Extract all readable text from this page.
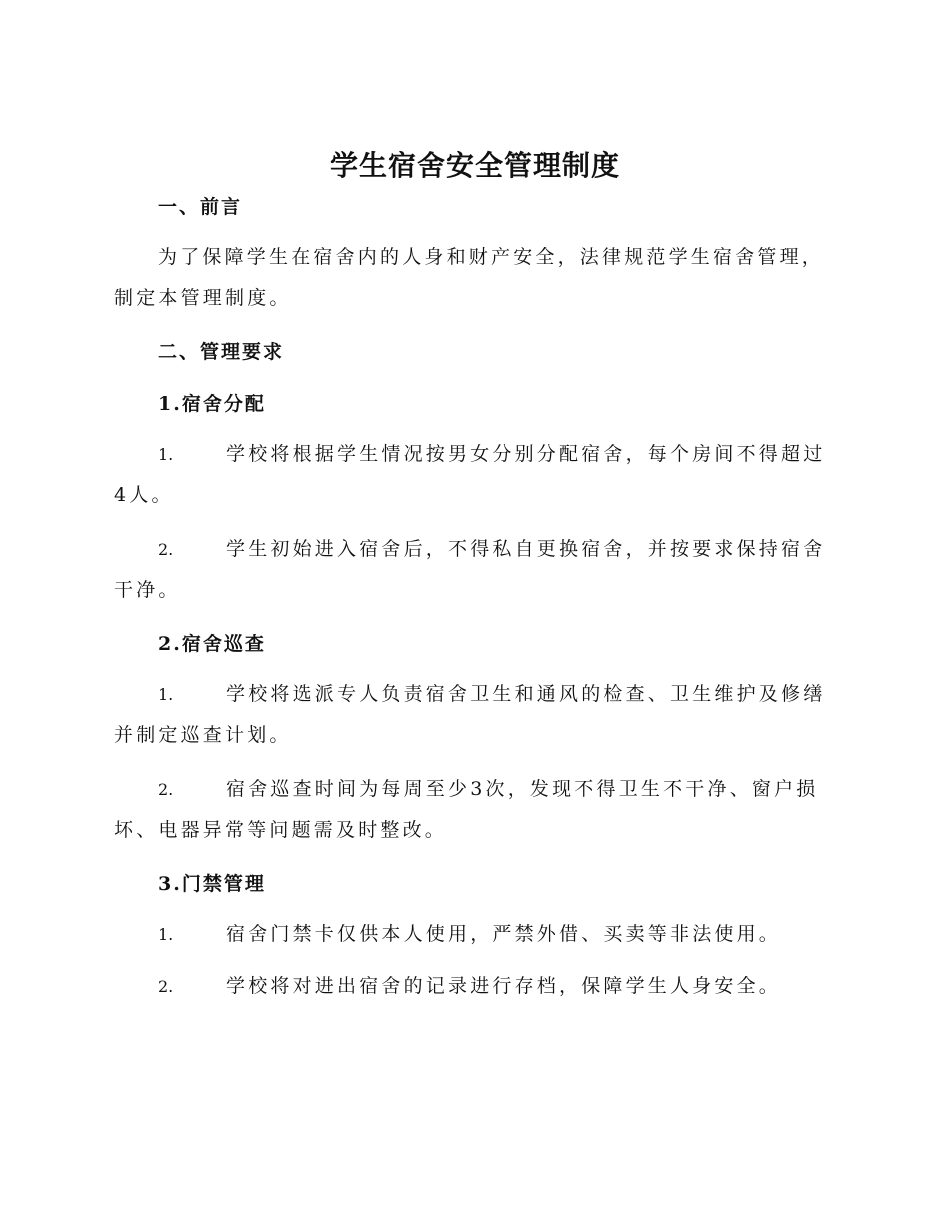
学生宿舍安全管理制度
一、前言
为了保障学生在宿舍内的人身和财产安全，法律规范学生宿舍管理，制定本管理制度。
二、管理要求
1.宿舍分配
1.	学校将根据学生情况按男女分别分配宿舍，每个房间不得超过4人。
2.	学生初始进入宿舍后，不得私自更换宿舍，并按要求保持宿舍干净。
2.宿舍巡查
1.	学校将选派专人负责宿舍卫生和通风的检查、卫生维护及修缮并制定巡查计划。
2.	宿舍巡查时间为每周至少3次，发现不得卫生不干净、窗户损坏、电器异常等问题需及时整改。
3.门禁管理
1.	宿舍门禁卡仅供本人使用，严禁外借、买卖等非法使用。
2.	学校将对进出宿舍的记录进行存档，保障学生人身安全。
